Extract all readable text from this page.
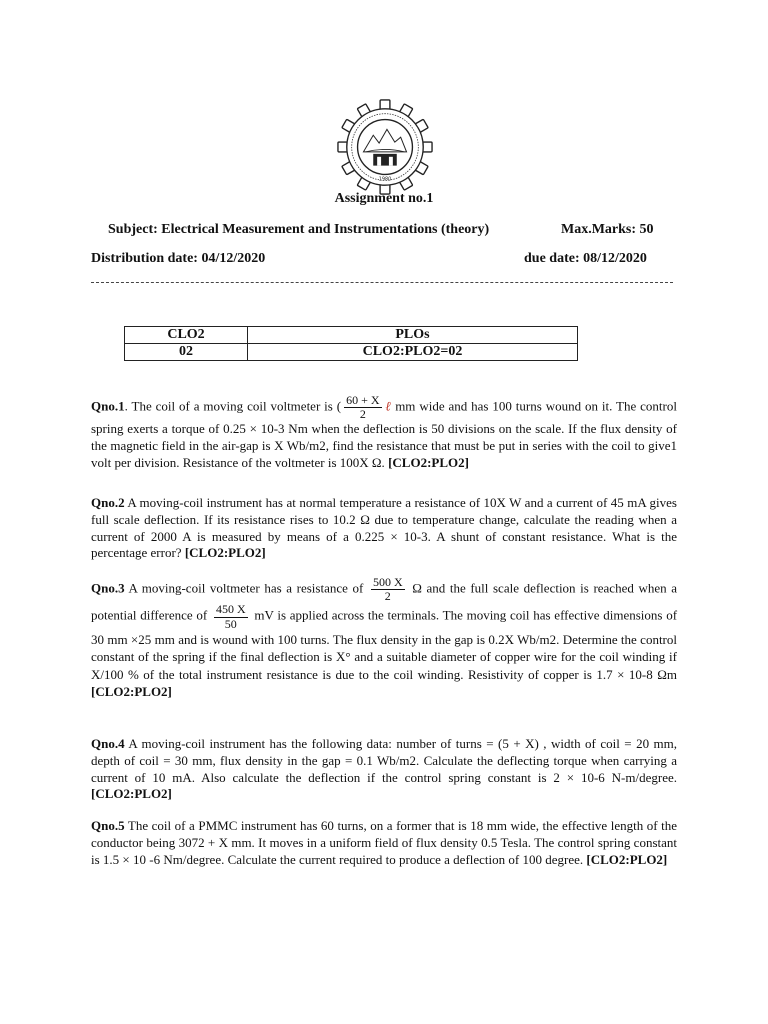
1980
Assignment no.1
Subject: Electrical Measurement and Instrumentations (theory)	Max.Marks: 50
Distribution date: 04/12/2020	due date: 08/12/2020
CLO2	PLOs
02	CLO2:PLO2=02
Qno.1. The coil of a moving coil voltmeter is ( $\frac{60 + X}{2}$ ℓ mm wide and has 100 turns wound on it. The control spring exerts a torque of 0.25 × 10-3 Nm when the deflection is 50 divisions on the scale. If the flux density of the magnetic field in the air-gap is X Wb/m2, find the resistance that must be put in series with the coil to give1 volt per division. Resistance of the voltmeter is 100X Ω. [CLO2:PLO2]
Qno.2 A moving-coil instrument has at normal temperature a resistance of 10X W and a current of 45 mA gives full scale deflection. If its resistance rises to 10.2 Ω due to temperature change, calculate the reading when a current of 2000 A is measured by means of a 0.225 × 10-3. A shunt of constant resistance. What is the percentage error? [CLO2:PLO2]
Qno.3 A moving-coil voltmeter has a resistance of $\frac{500 X}{2}$ Ω and the full scale deflection is reached when a potential difference of $\frac{450 X}{50}$ mV is applied across the terminals. The moving coil has effective dimensions of 30 mm ×25 mm and is wound with 100 turns. The flux density in the gap is 0.2X Wb/m2. Determine the control constant of the spring if the final deflection is X° and a suitable diameter of copper wire for the coil winding if X/100 % of the total instrument resistance is due to the coil winding. Resistivity of copper is 1.7 × 10-8 Ωm [CLO2:PLO2]
Qno.4 A moving-coil instrument has the following data: number of turns = (5 + X) , width of coil = 20 mm, depth of coil = 30 mm, flux density in the gap = 0.1 Wb/m2. Calculate the deflecting torque when carrying a current of 10 mA. Also calculate the deflection if the control spring constant is 2 × 10-6 N-m/degree. [CLO2:PLO2]
Qno.5 The coil of a PMMC instrument has 60 turns, on a former that is 18 mm wide, the effective length of the conductor being 3072 + X mm. It moves in a uniform field of flux density 0.5 Tesla. The control spring constant is 1.5 × 10 -6 Nm/degree. Calculate the current required to produce a deflection of 100 degree. [CLO2:PLO2]
